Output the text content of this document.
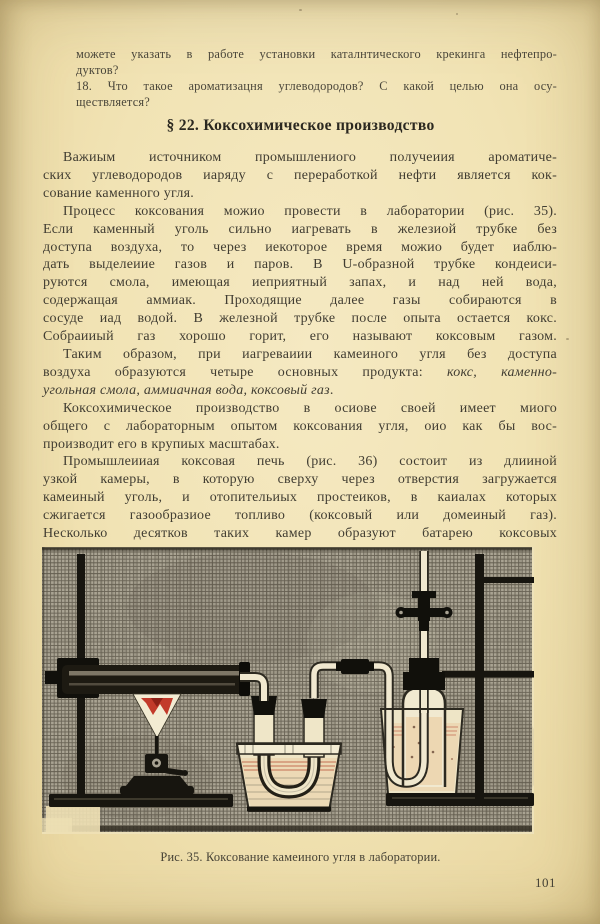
можете указать в работе установки каталнтического крекинга нефтепро-
дуктов?
18. Что такое ароматизацня углеводородов? С какой целью она осу-
ществляется?
§ 22. Коксохимическое производство
Важиым источником промышлениого получеиия ароматиче-
ских углеводородов иаряду с переработкой нефти является кок-
сование каменного угля.
Процесс коксования можио провести в лаборатории (рис. 35).
Если каменный уголь сильно иагревать в железиой трубке без
доступа воздуха, то через иекоторое время можио будет иаблю-
дать выделеиие газов и паров. В U-образной трубке кондеиси-
руются смола, имеющая иеприятный запах, и над ней вода,
содержащая аммиак. Проходящие далее газы собираются в
сосуде иад водой. В железной трубке после опыта остается кокс.
Собраииый газ хорошо горит, его называют коксовым газом.
Таким образом, при иагреваиии камеиного угля без доступа
воздуха образуются четыре основных продукта: кокс, каменно-
угольная смола, аммиачная вода, коксовый газ.
Коксохимическое производство в осиове своей имеет миого
общего с лабораторным опытом коксования угля, оио как бы вос-
производит его в крупиых масштабах.
Промышлеииая коксовая печь (рис. 36) состоит из длииной
узкой камеры, в которую сверху через отверстия загружается
камеиный уголь, и отопительиых простеиков, в каиалах которых
сжигается газообразиое топливо (коксовый или домеиный газ).
Несколько десятков таких камер образуют батарею коксовых
Рис. 35. Коксование камеиного угля в лаборатории.
101
